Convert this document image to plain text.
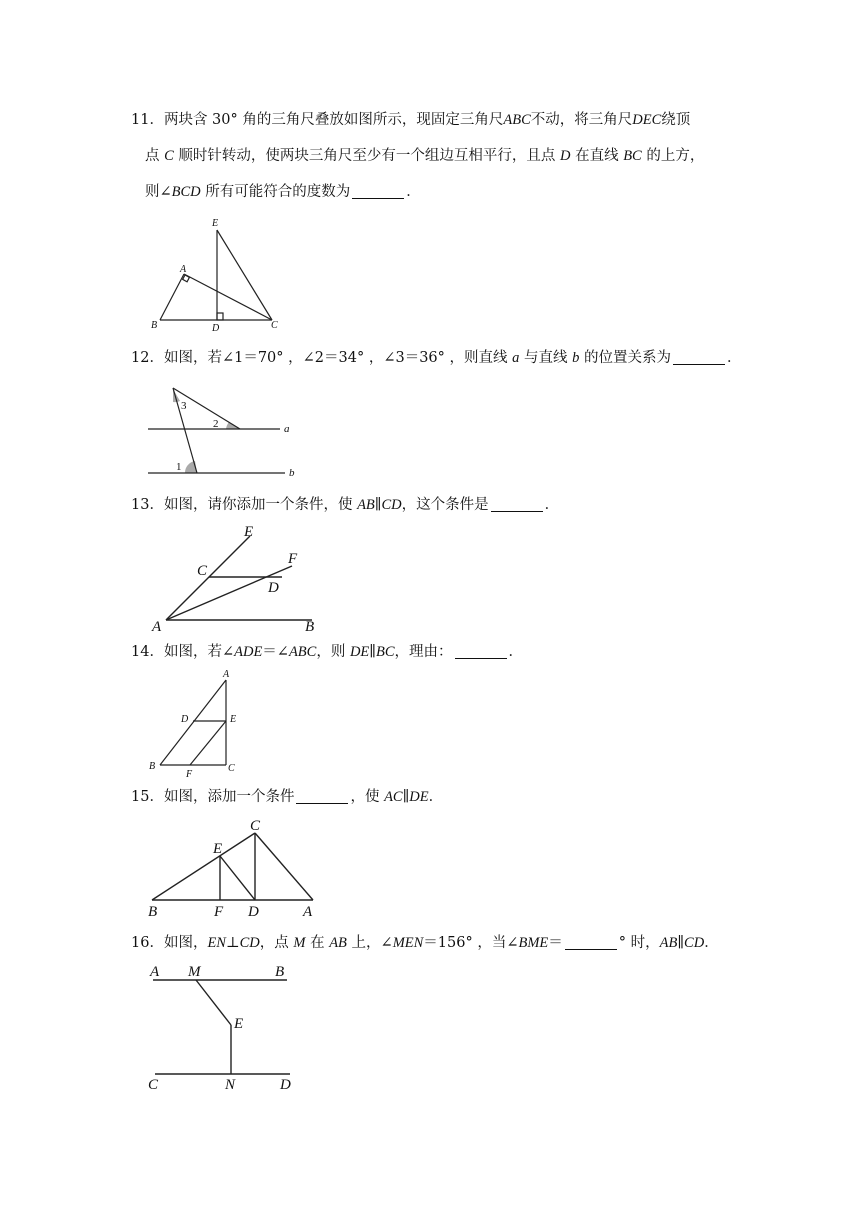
11．两块含 30° 角的三角尺叠放如图所示，现固定三角尺ABC不动，将三角尺DEC绕顶
点 C 顺时针转动，使两块三角尺至少有一个组边互相平行，且点 D 在直线 BC 的上方，
则∠BCD 所有可能符合的度数为	．
E
A
B	D	C
3
2
1
a
b
E
F
C
D
A	B
A
D	E
B
F
C
C
E
B	F D	A
A M	B
E
C	N	D
12．如图，若∠1＝70° ，∠2＝34° ，∠3＝36° ，则直线 a 与直线 b 的位置关系为	．
13．如图，请你添加一个条件，使 AB∥CD，这个条件是	．
14．如图，若∠ADE＝∠ABC，则 DE∥BC，理由：	．
15．如图，添加一个条件	，使 AC∥DE．
16．如图，EN⊥CD，点 M 在 AB 上，∠MEN＝156° ，当∠BME＝	° 时，AB∥CD．
